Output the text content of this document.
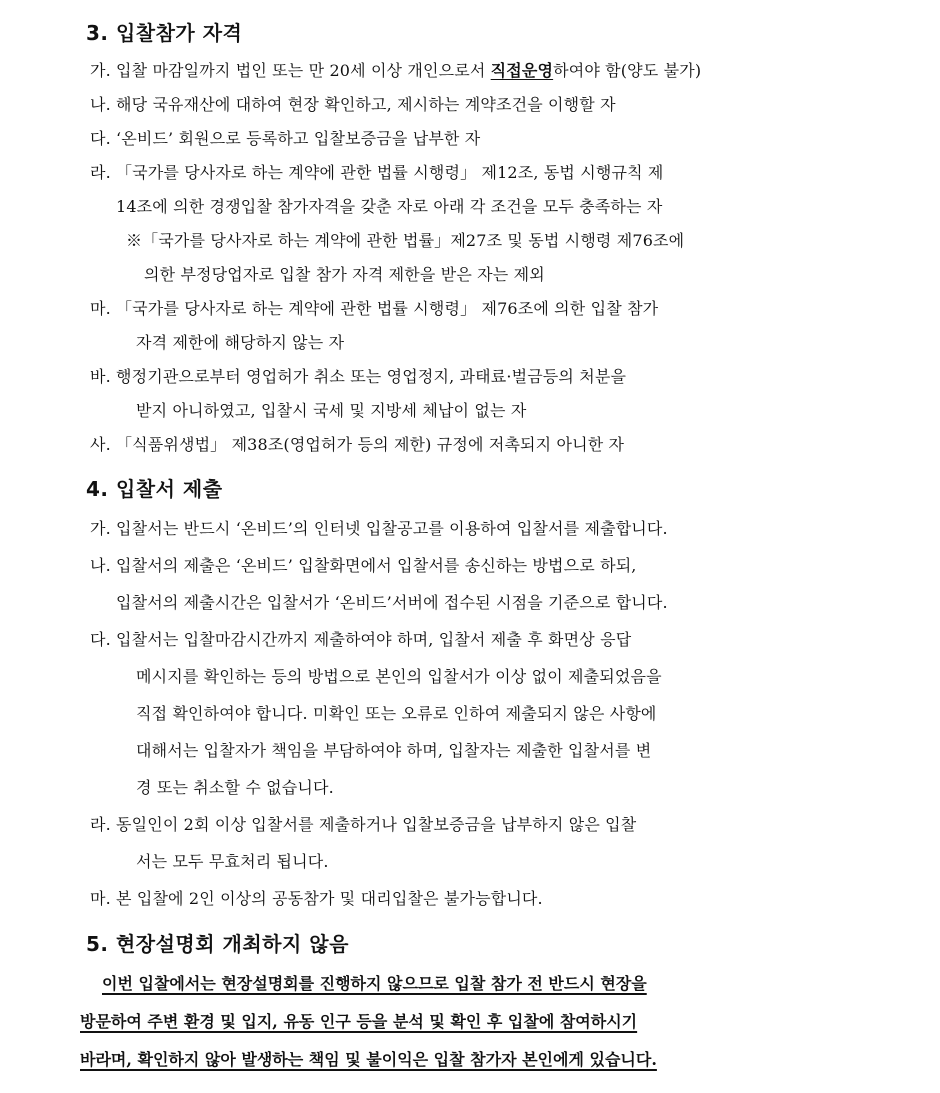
3. 입찰참가 자격
가. 입찰 마감일까지 법인 또는 만 20세 이상 개인으로서 직접운영하여야 함(양도 불가)
나. 해당 국유재산에 대하여 현장 확인하고, 제시하는 계약조건을 이행할 자
다. ‘온비드’ 회원으로 등록하고 입찰보증금을 납부한 자
라. 「국가를 당사자로 하는 계약에 관한 법률 시행령」 제12조, 동법 시행규칙 제
14조에 의한 경쟁입찰 참가자격을 갖춘 자로 아래 각 조건을 모두 충족하는 자
※「국가를 당사자로 하는 계약에 관한 법률」제27조 및 동법 시행령 제76조에
의한 부정당업자로 입찰 참가 자격 제한을 받은 자는 제외
마. 「국가를 당사자로 하는 계약에 관한 법률 시행령」 제76조에 의한 입찰 참가
자격 제한에 해당하지 않는 자
바. 행정기관으로부터 영업허가 취소 또는 영업정지, 과태료·벌금등의 처분을
받지 아니하였고, 입찰시 국세 및 지방세 체납이 없는 자
사. 「식품위생법」 제38조(영업허가 등의 제한) 규정에 저촉되지 아니한 자
4. 입찰서 제출
가. 입찰서는 반드시 ‘온비드’의 인터넷 입찰공고를 이용하여 입찰서를 제출합니다.
나. 입찰서의 제출은 ‘온비드’ 입찰화면에서 입찰서를 송신하는 방법으로 하되,
입찰서의 제출시간은 입찰서가 ‘온비드’서버에 접수된 시점을 기준으로 합니다.
다. 입찰서는 입찰마감시간까지 제출하여야 하며, 입찰서 제출 후 화면상 응답
메시지를 확인하는 등의 방법으로 본인의 입찰서가 이상 없이 제출되었음을
직접 확인하여야 합니다. 미확인 또는 오류로 인하여 제출되지 않은 사항에
대해서는 입찰자가 책임을 부담하여야 하며, 입찰자는 제출한 입찰서를 변
경 또는 취소할 수 없습니다.
라. 동일인이 2회 이상 입찰서를 제출하거나 입찰보증금을 납부하지 않은 입찰
서는 모두 무효처리 됩니다.
마. 본 입찰에 2인 이상의 공동참가 및 대리입찰은 불가능합니다.
5. 현장설명회 개최하지 않음
이번 입찰에서는 현장설명회를 진행하지 않으므로 입찰 참가 전 반드시 현장을
방문하여 주변 환경 및 입지, 유동 인구 등을 분석 및 확인 후 입찰에 참여하시기
바라며, 확인하지 않아 발생하는 책임 및 불이익은 입찰 참가자 본인에게 있습니다.
